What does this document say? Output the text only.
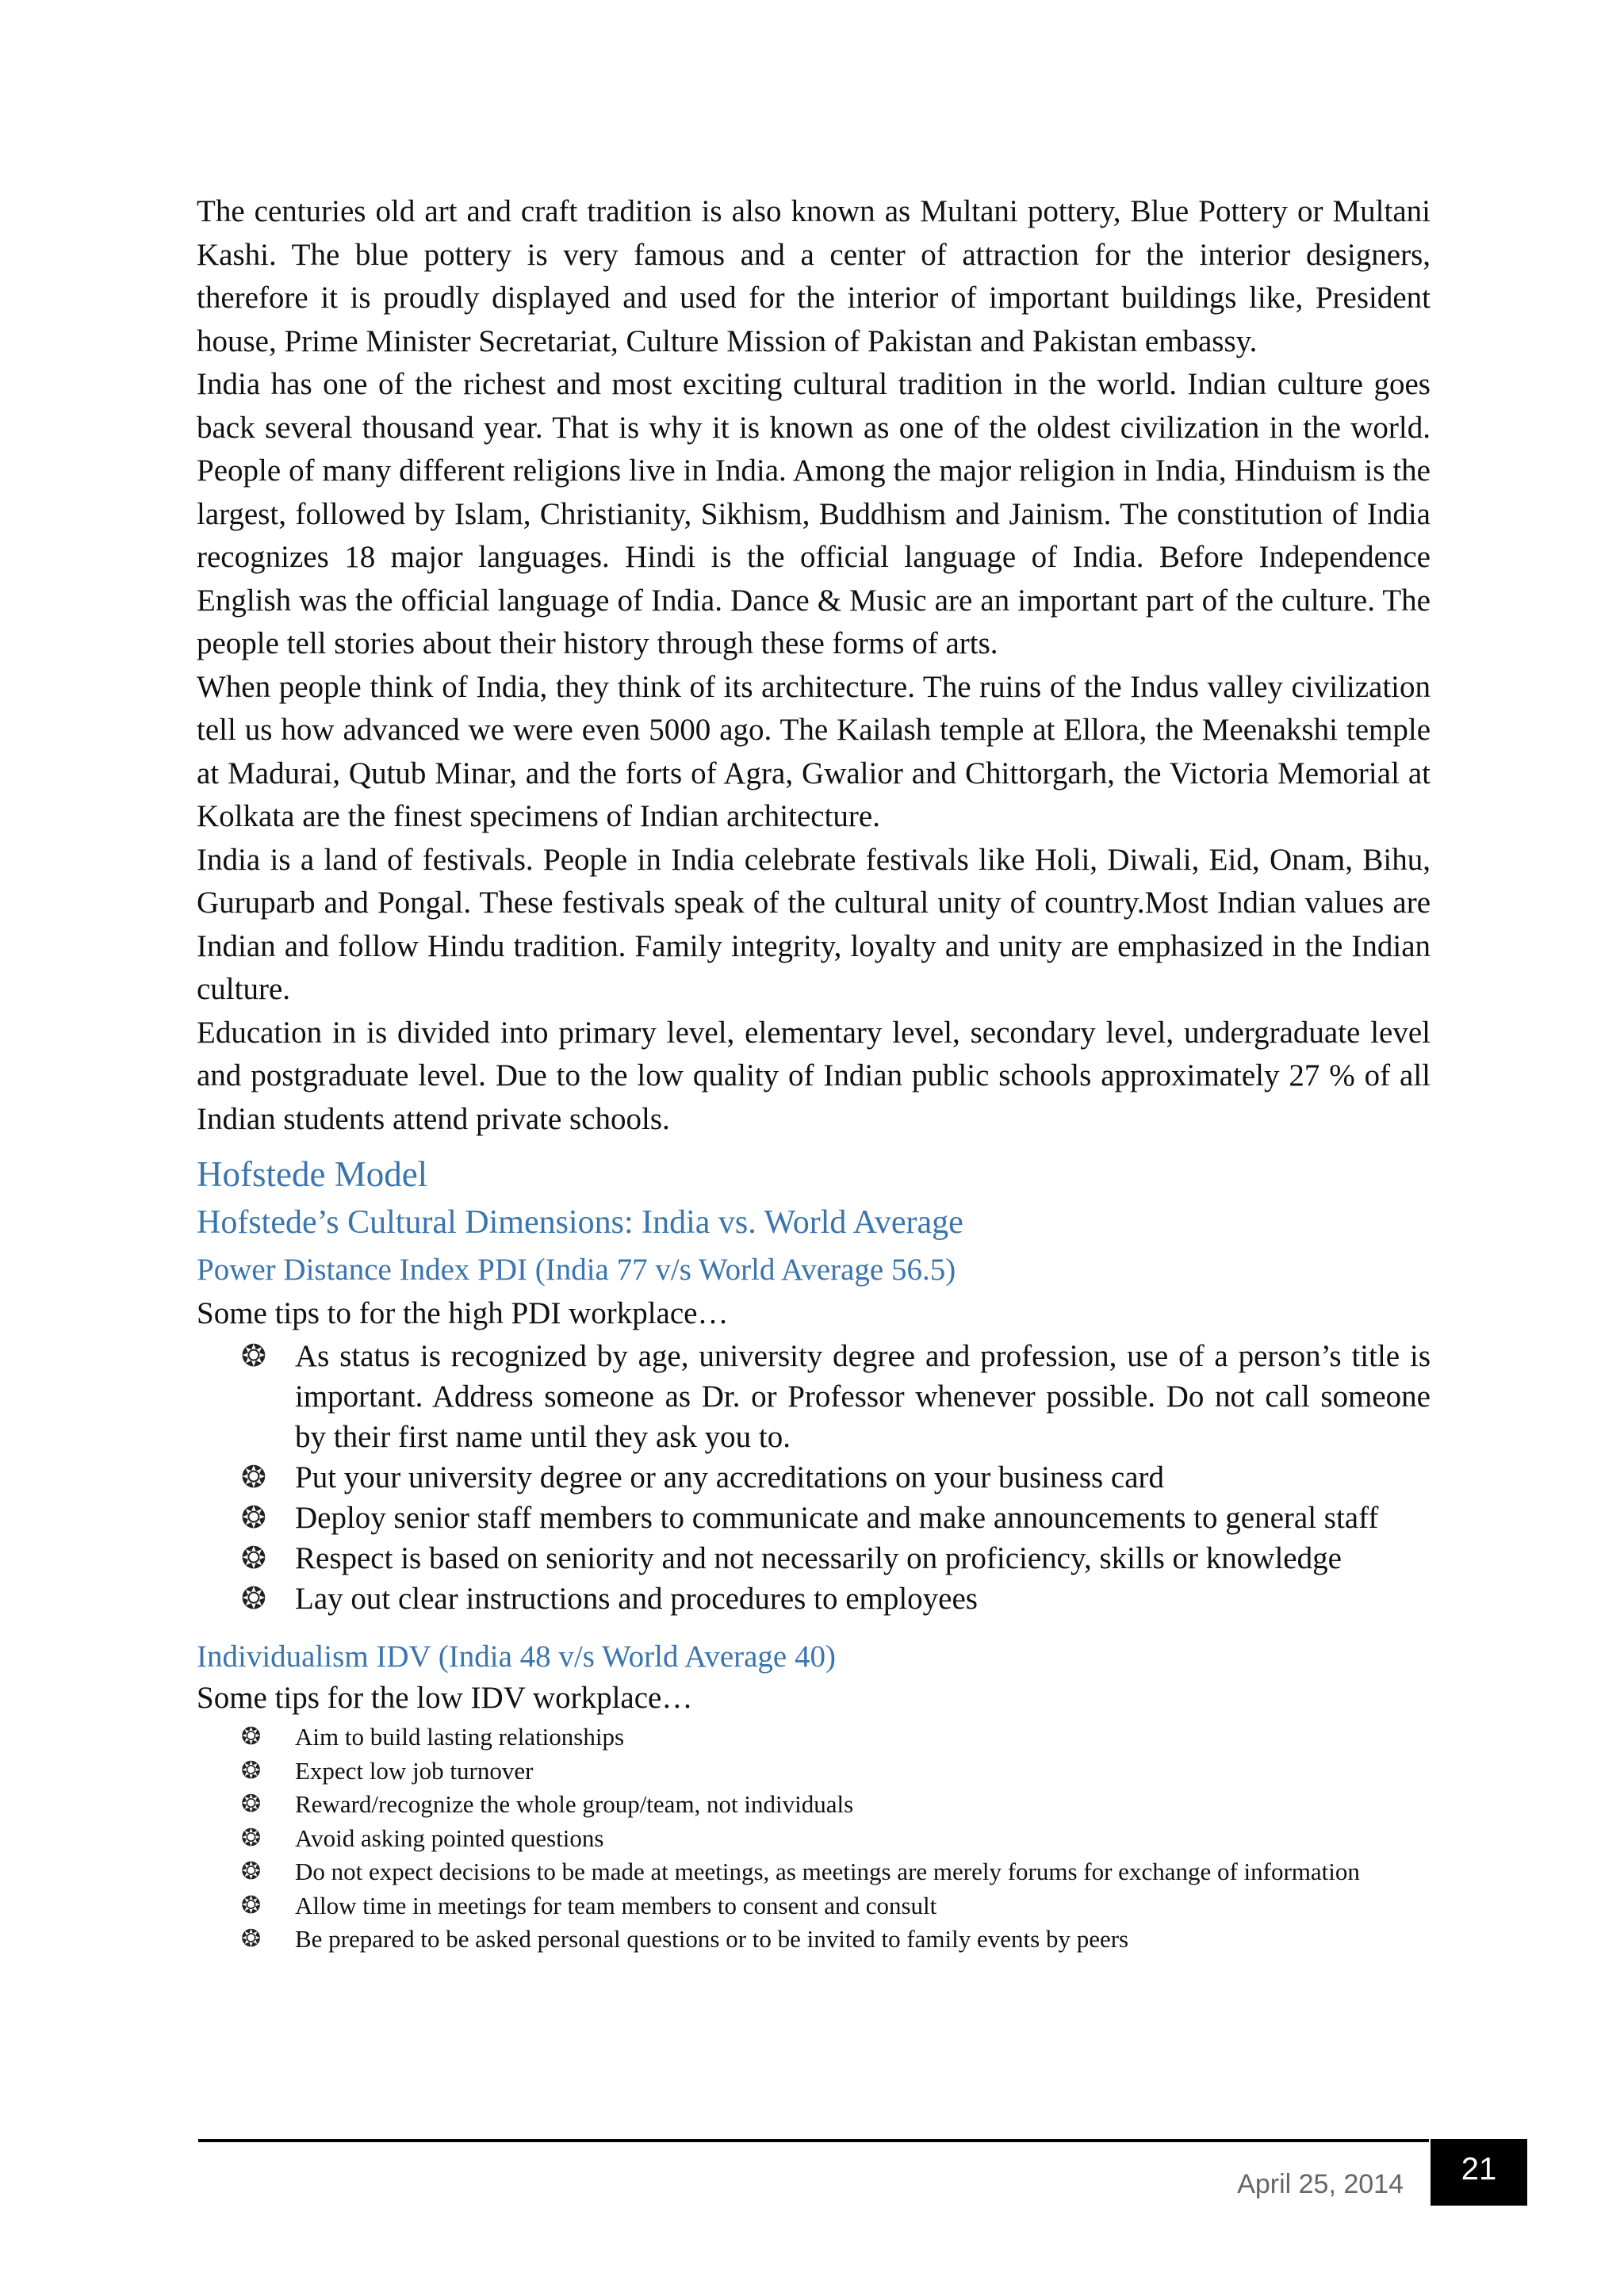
The centuries old art and craft tradition is also known as Multani pottery, Blue Pottery or Multani Kashi. The blue pottery is very famous and a center of attraction for the interior designers, therefore it is proudly displayed and used for the interior of important buildings like, President house, Prime Minister Secretariat, Culture Mission of Pakistan and Pakistan embassy.

India has one of the richest and most exciting cultural tradition in the world. Indian culture goes back several thousand year. That is why it is known as one of the oldest civilization in the world. People of many different religions live in India. Among the major religion in India, Hinduism is the largest, followed by Islam, Christianity, Sikhism, Buddhism and Jainism. The constitution of India recognizes 18 major languages. Hindi is the official language of India. Before Independence English was the official language of India. Dance & Music are an important part of the culture. The people tell stories about their history through these forms of arts.

When people think of India, they think of its architecture. The ruins of the Indus valley civilization tell us how advanced we were even 5000 ago. The Kailash temple at Ellora, the Meenakshi temple at Madurai, Qutub Minar, and the forts of Agra, Gwalior and Chittorgarh, the Victoria Memorial at Kolkata are the finest specimens of Indian architecture.

India is a land of festivals. People in India celebrate festivals like Holi, Diwali, Eid, Onam, Bihu, Guruparb and Pongal. These festivals speak of the cultural unity of country.Most Indian values are Indian and follow Hindu tradition. Family integrity, loyalty and unity are emphasized in the Indian culture.

Education in is divided into primary level, elementary level, secondary level, undergraduate level and postgraduate level. Due to the low quality of Indian public schools approximately 27 % of all Indian students attend private schools.

Hofstede Model
Hofstede’s Cultural Dimensions: India vs. World Average
Power Distance Index PDI (India 77 v/s World Average 56.5)

Some tips to for the high PDI workplace…

❂ As status is recognized by age, university degree and profession, use of a person’s title is important. Address someone as Dr. or Professor whenever possible. Do not call someone by their first name until they ask you to.
❂ Put your university degree or any accreditations on your business card
❂ Deploy senior staff members to communicate and make announcements to general staff
❂ Respect is based on seniority and not necessarily on proficiency, skills or knowledge
❂ Lay out clear instructions and procedures to employees
Individualism IDV (India 48 v/s World Average 40)

Some tips for the low IDV workplace…

❂ Aim to build lasting relationships
❂ Expect low job turnover
❂ Reward/recognize the whole group/team, not individuals
❂ Avoid asking pointed questions
❂ Do not expect decisions to be made at meetings, as meetings are merely forums for exchange of information
❂ Allow time in meetings for team members to consent and consult
❂ Be prepared to be asked personal questions or to be invited to family events by peers
April 25, 2014	21
